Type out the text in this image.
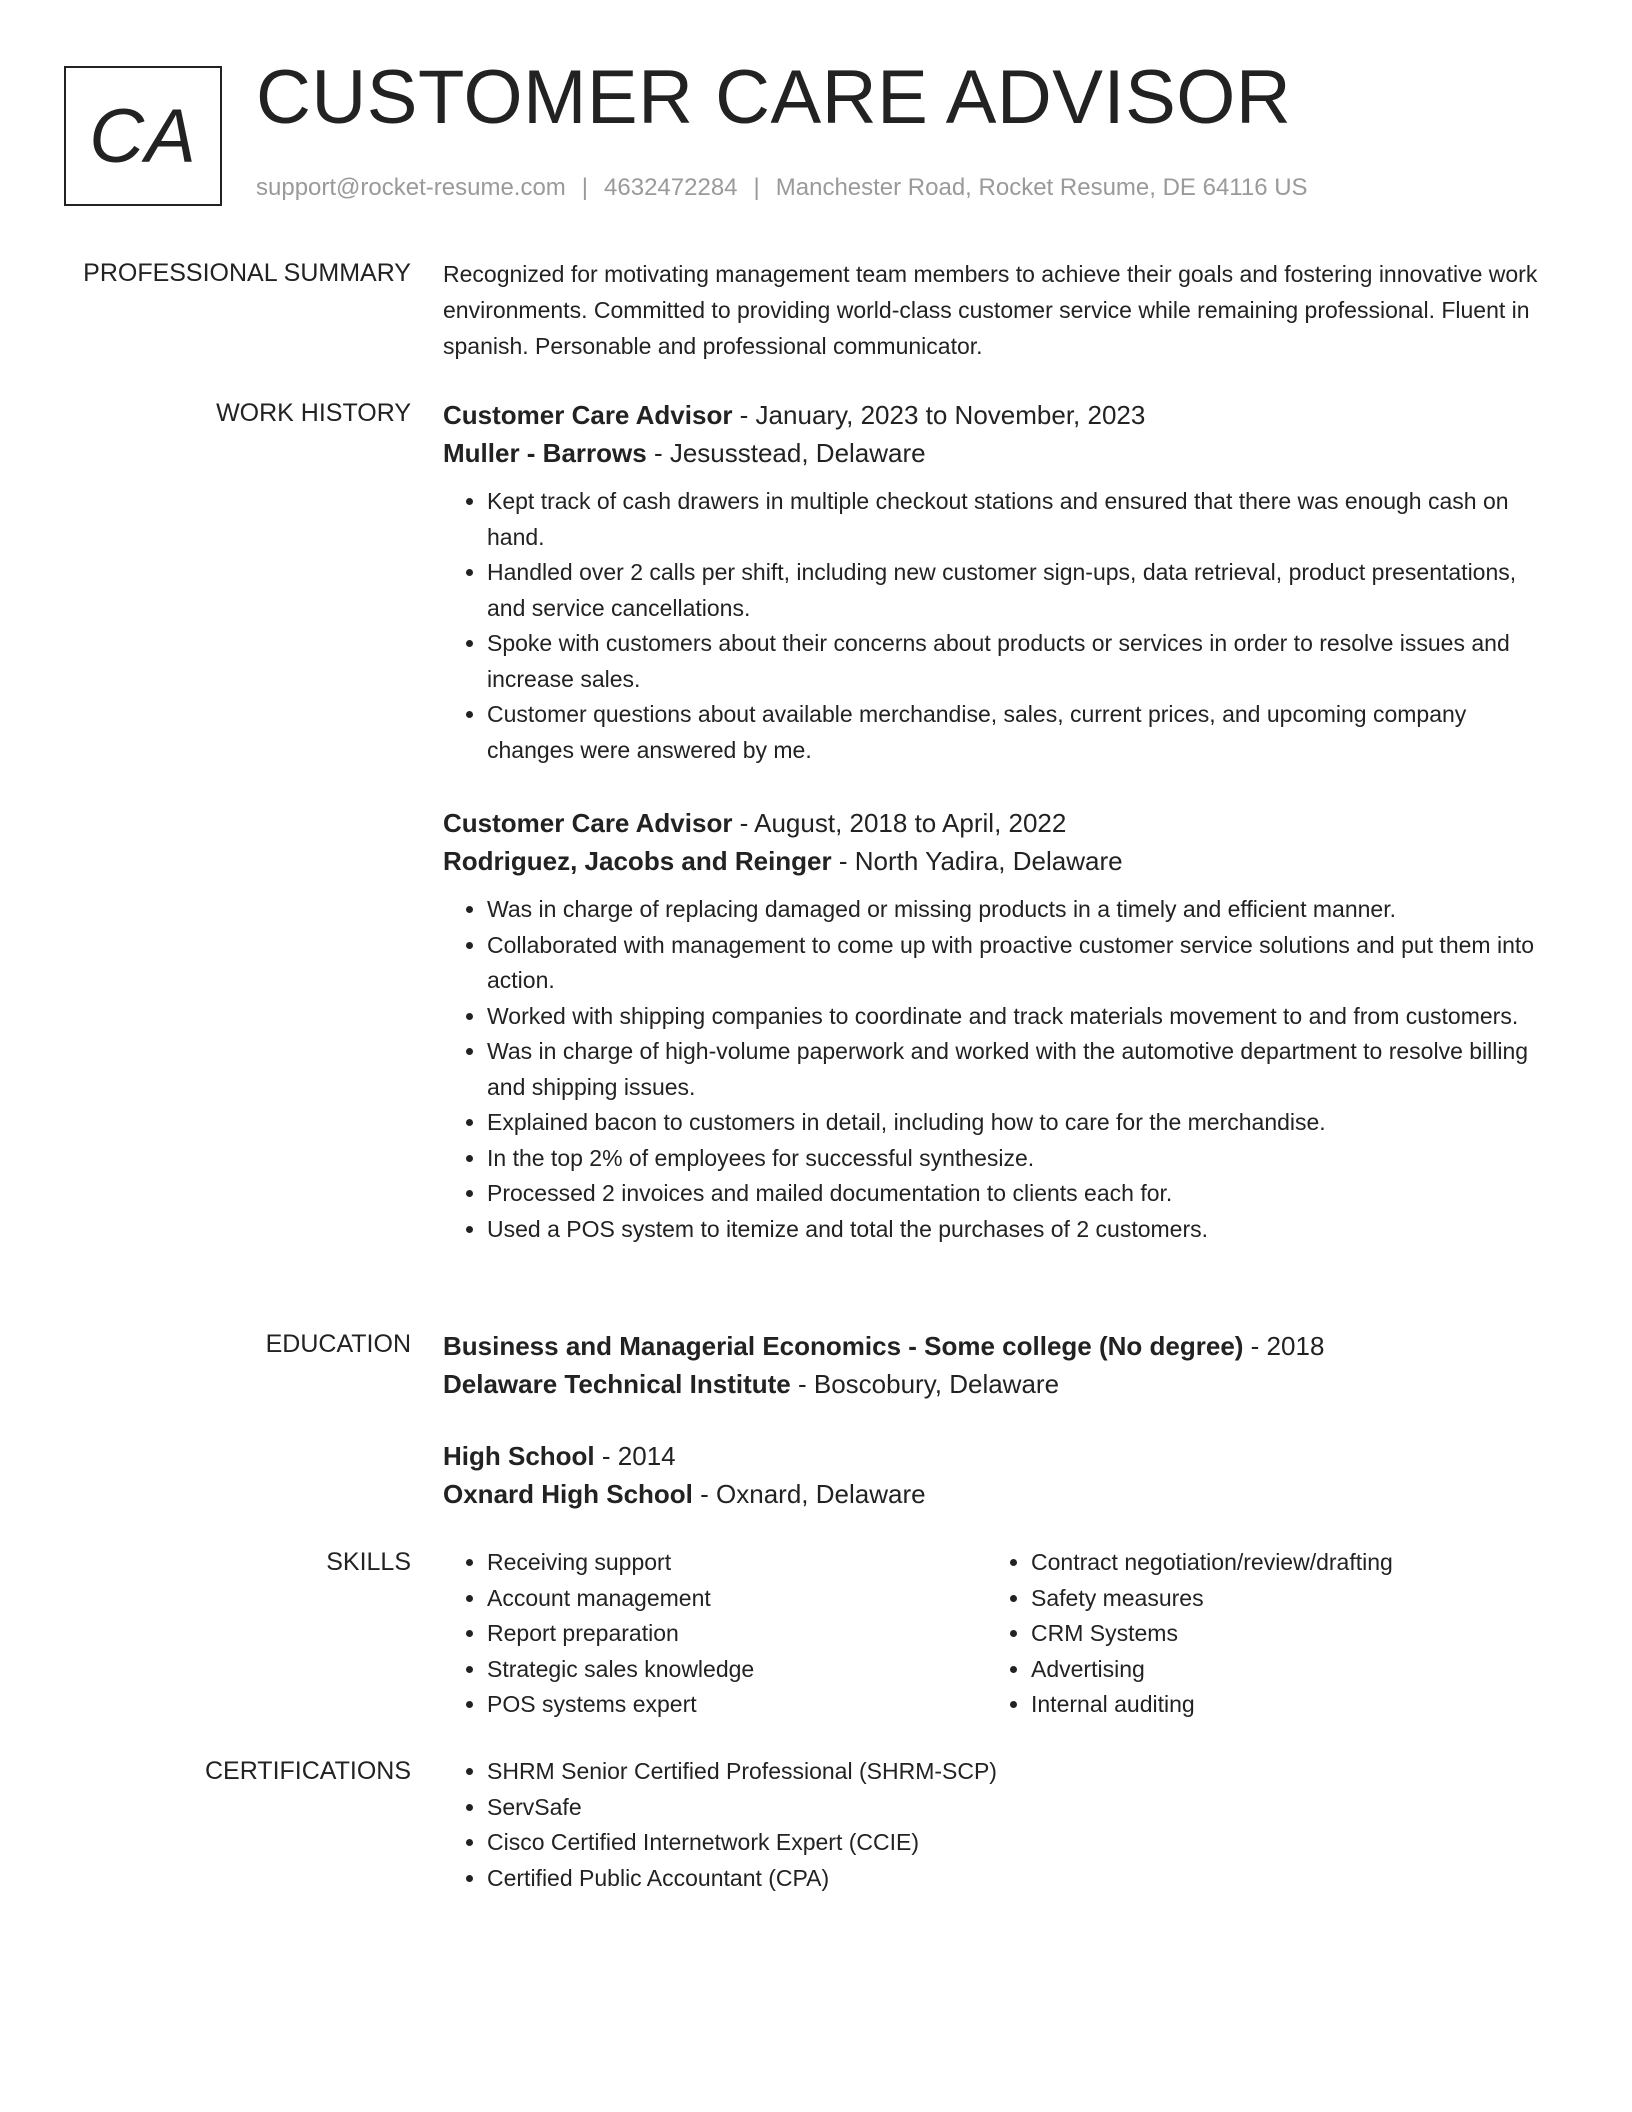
CA CUSTOMER CARE ADVISOR
support@rocket-resume.com | 4632472284 | Manchester Road, Rocket Resume, DE 64116 US
PROFESSIONAL SUMMARY Recognized for motivating management team members to achieve their goals and fostering innovative work environments. Committed to providing world-class customer service while remaining professional. Fluent in spanish. Personable and professional communicator.

WORK HISTORY Customer Care Advisor - January, 2023 to November, 2023

Muller - Barrows - Jesusstead, Delaware

• Kept track of cash drawers in multiple checkout stations and ensured that there was enough cash on hand.
• Handled over 2 calls per shift, including new customer sign-ups, data retrieval, product presentations, and service cancellations.
• Spoke with customers about their concerns about products or services in order to resolve issues and increase sales.
• Customer questions about available merchandise, sales, current prices, and upcoming company changes were answered by me.

Customer Care Advisor - August, 2018 to April, 2022

Rodriguez, Jacobs and Reinger - North Yadira, Delaware

• Was in charge of replacing damaged or missing products in a timely and efficient manner.
• Collaborated with management to come up with proactive customer service solutions and put them into action.
• Worked with shipping companies to coordinate and track materials movement to and from customers.
• Was in charge of high-volume paperwork and worked with the automotive department to resolve billing and shipping issues.
• Explained bacon to customers in detail, including how to care for the merchandise.
• In the top 2% of employees for successful synthesize.
• Processed 2 invoices and mailed documentation to clients each for.
• Used a POS system to itemize and total the purchases of 2 customers.
EDUCATION Business and Managerial Economics - Some college (No degree) - 2018

Delaware Technical Institute - Boscobury, Delaware

High School - 2014

Oxnard High School - Oxnard, Delaware

SKILLS	• Receiving support
• Account management
• Report preparation
• Strategic sales knowledge
• POS systems expert
• Contract negotiation/review/drafting
• Safety measures
• CRM Systems
• Advertising
• Internal auditing
CERTIFICATIONS	• SHRM Senior Certified Professional (SHRM-SCP)
• ServSafe
• Cisco Certified Internetwork Expert (CCIE)
• Certified Public Accountant (CPA)
